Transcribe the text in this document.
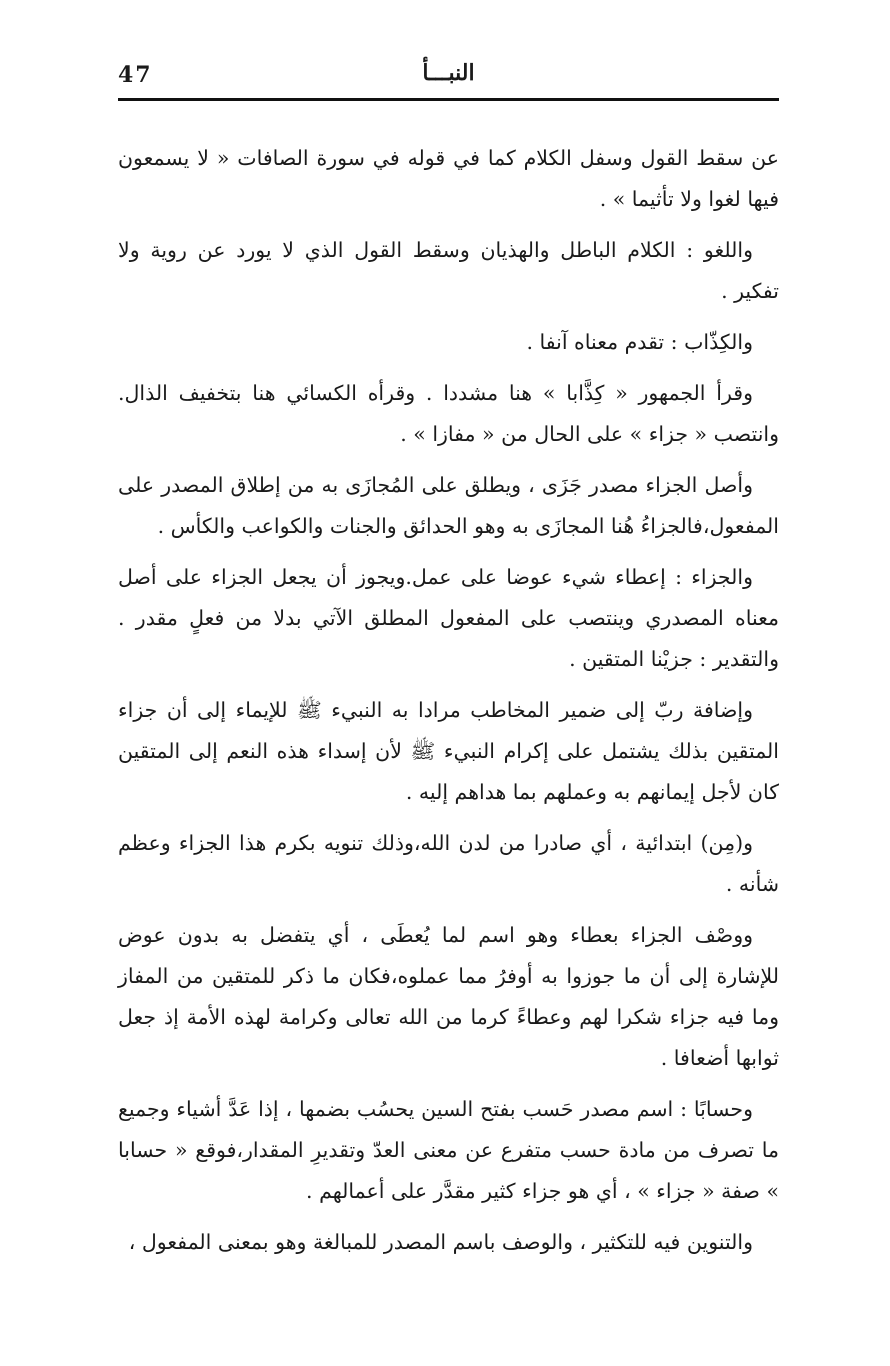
47	النبـــأ

عن سقط القول وسفل الكلام كما في قوله في سورة الصافات « لا يسمعون فيها لغوا ولا تأثيما » .

واللغو : الكلام الباطل والهذيان وسقط القول الذي لا يورد عن روية ولا تفكير .

والكِذّاب : تقدم معناه آنفا .

وقرأ الجمهور « كِذَّابا » هنا مشددا . وقرأه الكسائي هنا بتخفيف الذال. وانتصب « جزاء » على الحال من « مفازا » .

وأصل الجزاء مصدر جَزَى ، ويطلق على المُجازَى به من إطلاق المصدر على المفعول،فالجزاءُ هُنا المجازَى به وهو الحدائق والجنات والكواعب والكأس .

والجزاء : إعطاء شيء عوضا على عمل.ويجوز أن يجعل الجزاء على أصل معناه المصدري وينتصب على المفعول المطلق الآتي بدلا من فعلٍ مقدر . والتقدير : جزيْنا المتقين .

وإضافة ربّ إلى ضمير المخاطب مرادا به النبيء ﷺ للإيماء إلى أن جزاء المتقين بذلك يشتمل على إكرام النبيء ﷺ لأن إسداء هذه النعم إلى المتقين كان لأجل إيمانهم به وعملهم بما هداهم إليه .

و(مِن) ابتدائية ، أي صادرا من لدن الله،وذلك تنويه بكرم هذا الجزاء وعظم شأنه .

ووصْف الجزاء بعطاء وهو اسم لما يُعطَى ، أي يتفضل به بدون عوض للإشارة إلى أن ما جوزوا به أوفرُ مما عملوه،فكان ما ذكر للمتقين من المفاز وما فيه جزاء شكرا لهم وعطاءً كرما من الله تعالى وكرامة لهذه الأمة إذ جعل ثوابها أضعافا .

وحسابًا : اسم مصدر حَسب بفتح السين يحسُب بضمها ، إذا عَدَّ أشياء وجميع ما تصرف من مادة حسب متفرع عن معنى العدّ وتقديرِ المقدار،فوقع « حسابا » صفة « جزاء » ، أي هو جزاء كثير مقدَّر على أعمالهم .

والتنوين فيه للتكثير ، والوصف باسم المصدر للمبالغة وهو بمعنى المفعول ،
